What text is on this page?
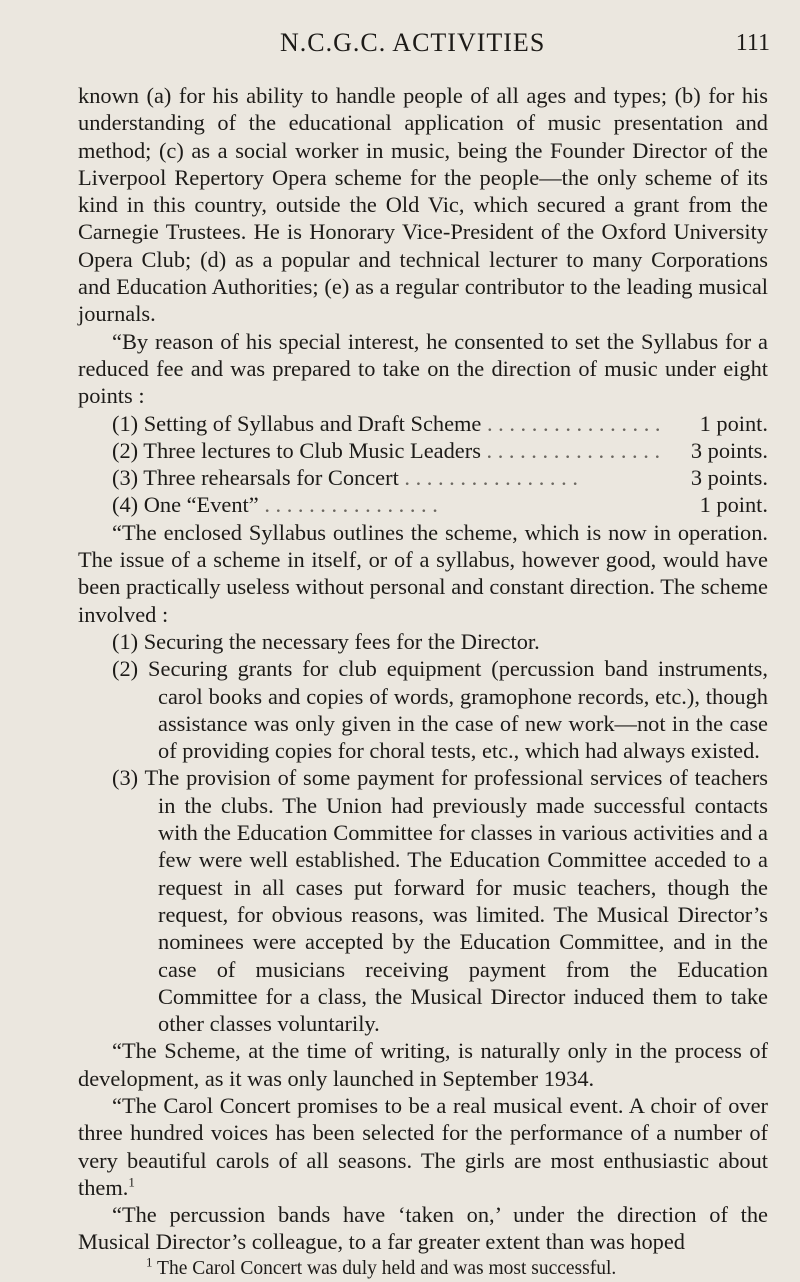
N.C.G.C. ACTIVITIES	111

known (a) for his ability to handle people of all ages and types; (b) for his understanding of the educational application of music presentation and method; (c) as a social worker in music, being the Founder Director of the Liverpool Repertory Opera scheme for the people—the only scheme of its kind in this country, outside the Old Vic, which secured a grant from the Carnegie Trustees. He is Honorary Vice-President of the Oxford University Opera Club; (d) as a popular and technical lecturer to many Corporations and Education Authorities; (e) as a regular contributor to the leading musical journals.

“By reason of his special interest, he consented to set the Syllabus for a reduced fee and was prepared to take on the direction of music under eight points :

(1) Setting of Syllabus and Draft Scheme . .	1 point.
(2) Three lectures to Club Music Leaders . .	3 points.
(3) Three rehearsals for Concert . .	3 points.
(4) One “Event” . .	1 point.

“The enclosed Syllabus outlines the scheme, which is now in operation. The issue of a scheme in itself, or of a syllabus, however good, would have been practically useless without personal and constant direction. The scheme involved :

(1) Securing the necessary fees for the Director.
(2) Securing grants for club equipment (percussion band instruments, carol books and copies of words, gramophone records, etc.), though assistance was only given in the case of new work—not in the case of providing copies for choral tests, etc., which had always existed.
(3) The provision of some payment for professional services of teachers in the clubs. The Union had previously made successful contacts with the Education Committee for classes in various activities and a few were well established. The Education Committee acceded to a request in all cases put forward for music teachers, though the request, for obvious reasons, was limited. The Musical Director’s nominees were accepted by the Education Committee, and in the case of musicians receiving payment from the Education Committee for a class, the Musical Director induced them to take other classes voluntarily.

“The Scheme, at the time of writing, is naturally only in the process of development, as it was only launched in September 1934.

“The Carol Concert promises to be a real musical event. A choir of over three hundred voices has been selected for the performance of a number of very beautiful carols of all seasons. The girls are most enthusiastic about them.$^1$

“The percussion bands have ‘taken on,’ under the direction of the Musical Director’s colleague, to a far greater extent than was hoped

$^1$ The Carol Concert was duly held and was most successful.
